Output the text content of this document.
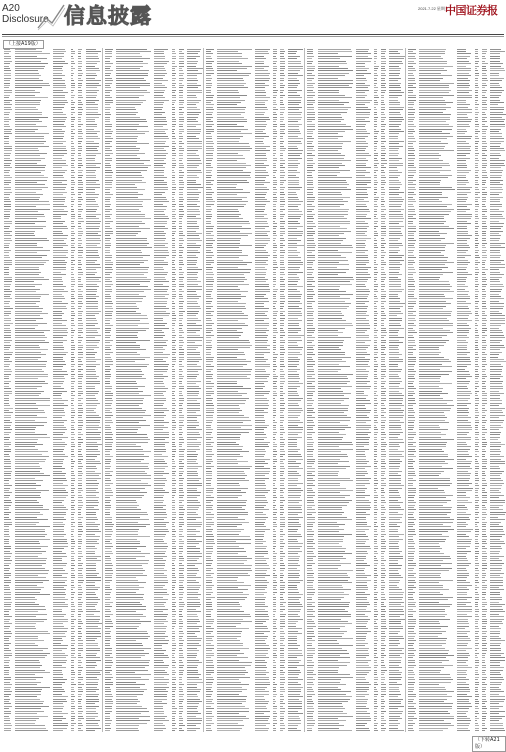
A20
Disclosure 信息披露	2021.7.22 星期三
中国证券报
（上接A19版）
（下转A21版）
